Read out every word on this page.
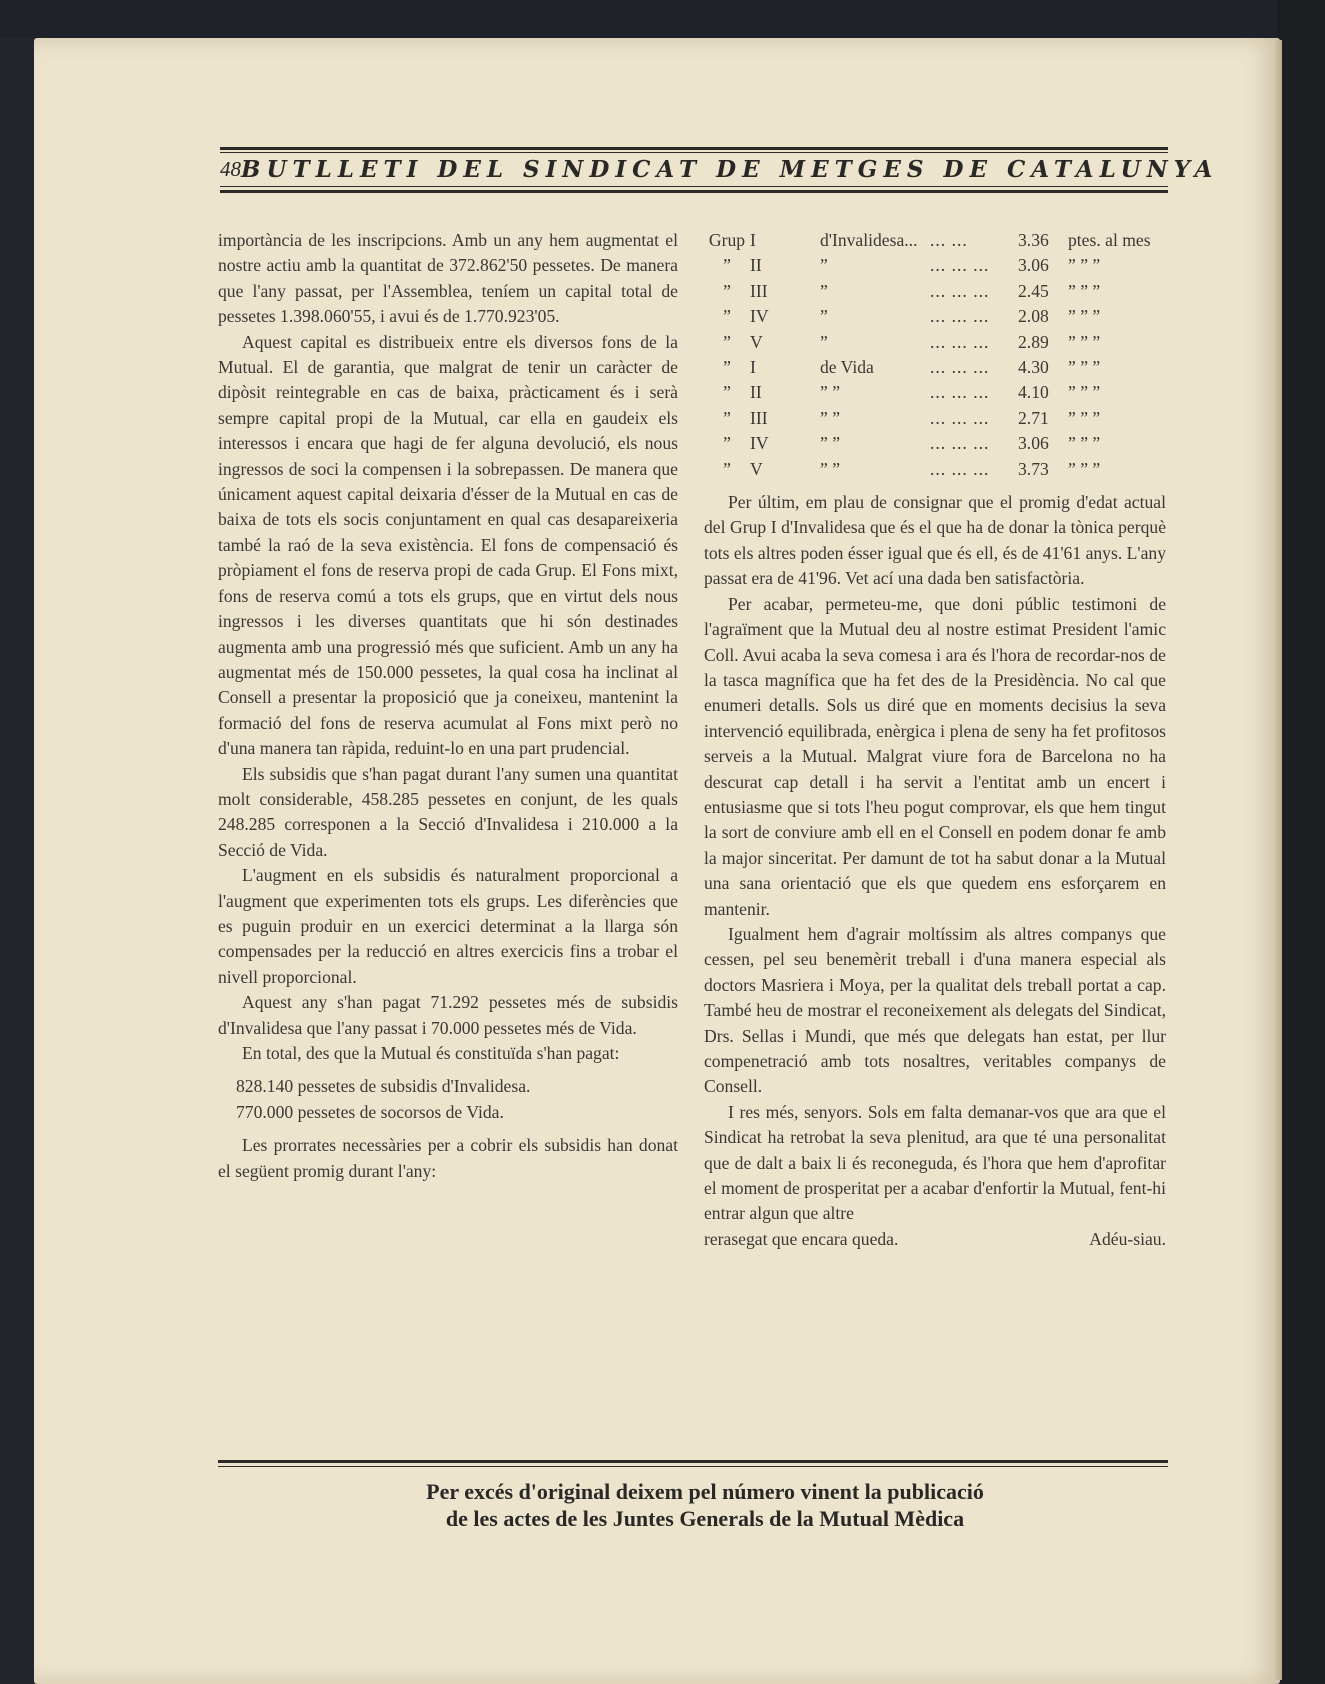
48 BUTLLETI DEL SINDICAT DE METGES DE CATALUNYA

importància de les inscripcions. Amb un any hem augmentat el nostre actiu amb la quantitat de 372.862'50 pessetes. De manera que l'any passat, per l'Assemblea, teníem un capital total de pessetes 1.398.060'55, i avui és de 1.770.923'05.

Aquest capital es distribueix entre els diversos fons de la Mutual. El de garantia, que malgrat de tenir un caràcter de dipòsit reintegrable en cas de baixa, pràcticament és i serà sempre capital propi de la Mutual, car ella en gaudeix els interessos i encara que hagi de fer alguna devolució, els nous ingressos de soci la compensen i la sobrepassen. De manera que únicament aquest capital deixaria d'ésser de la Mutual en cas de baixa de tots els socis conjuntament en qual cas desapareixeria també la raó de la seva existència. El fons de compensació és pròpiament el fons de reserva propi de cada Grup. El Fons mixt, fons de reserva comú a tots els grups, que en virtut dels nous ingressos i les diverses quantitats que hi són destinades augmenta amb una progressió més que suficient. Amb un any ha augmentat més de 150.000 pessetes, la qual cosa ha inclinat al Consell a presentar la proposició que ja coneixeu, mantenint la formació del fons de reserva acumulat al Fons mixt però no d'una manera tan ràpida, reduint-lo en una part prudencial.

Els subsidis que s'han pagat durant l'any sumen una quantitat molt considerable, 458.285 pessetes en conjunt, de les quals 248.285 corresponen a la Secció d'Invalidesa i 210.000 a la Secció de Vida.

L'augment en els subsidis és naturalment proporcional a l'augment que experimenten tots els grups. Les diferències que es puguin produir en un exercici determinat a la llarga són compensades per la reducció en altres exercicis fins a trobar el nivell proporcional.

Aquest any s'han pagat 71.292 pessetes més de subsidis d'Invalidesa que l'any passat i 70.000 pessetes més de Vida.

En total, des que la Mutual és constituïda s'han pagat:

828.140 pessetes de subsidis d'Invalidesa.
770.000 pessetes de socorsos de Vida.

Les prorrates necessàries per a cobrir els subsidis han donat el següent promig durant l'any:

Grup	I	d'Invalidesa...	... ...	3.36	ptes. al mes
”	II	”	... ... ...	3.06	” ” ”
”	III	”	... ... ...	2.45	” ” ”
”	IV	”	... ... ...	2.08	” ” ”
”	V	”	... ... ...	2.89	” ” ”
”	I	de Vida	... ... ...	4.30	” ” ”
”	II	” ”	... ... ...	4.10	” ” ”
”	III	” ”	... ... ...	2.71	” ” ”
”	IV	” ”	... ... ...	3.06	” ” ”
”	V	” ”	... ... ...	3.73	” ” ”

Per últim, em plau de consignar que el promig d'edat actual del Grup I d'Invalidesa que és el que ha de donar la tònica perquè tots els altres poden ésser igual que és ell, és de 41'61 anys. L'any passat era de 41'96. Vet ací una dada ben satisfactòria.

Per acabar, permeteu-me, que doni públic testimoni de l'agraïment que la Mutual deu al nostre estimat President l'amic Coll. Avui acaba la seva comesa i ara és l'hora de recordar-nos de la tasca magnífica que ha fet des de la Presidència. No cal que enumeri detalls. Sols us diré que en moments decisius la seva intervenció equilibrada, enèrgica i plena de seny ha fet profitosos serveis a la Mutual. Malgrat viure fora de Barcelona no ha descurat cap detall i ha servit a l'entitat amb un encert i entusiasme que si tots l'heu pogut comprovar, els que hem tingut la sort de conviure amb ell en el Consell en podem donar fe amb la major sinceritat. Per damunt de tot ha sabut donar a la Mutual una sana orientació que els que quedem ens esforçarem en mantenir.

Igualment hem d'agrair moltíssim als altres companys que cessen, pel seu benemèrit treball i d'una manera especial als doctors Masriera i Moya, per la qualitat dels treball portat a cap. També heu de mostrar el reconeixement als delegats del Sindicat, Drs. Sellas i Mundi, que més que delegats han estat, per llur compenetració amb tots nosaltres, veritables companys de Consell.

I res més, senyors. Sols em falta demanar-vos que ara que el Sindicat ha retrobat la seva plenitud, ara que té una personalitat que de dalt a baix li és reconeguda, és l'hora que hem d'aprofitar el moment de prosperitat per a acabar d'enfortir la Mutual, fent-hi entrar algun que altre

rerasegat que encara queda.	Adéu-siau.
Per excés d'original deixem pel número vinent la publicació
de les actes de les Juntes Generals de la Mutual Mèdica
